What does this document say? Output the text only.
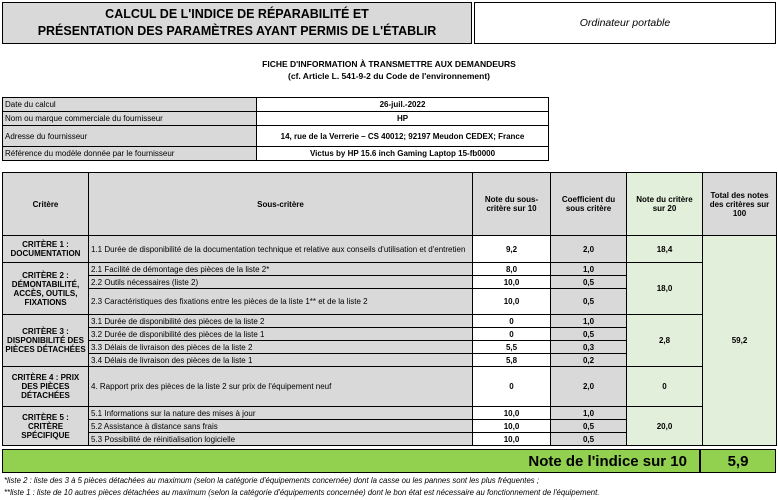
CALCUL DE L'INDICE DE RÉPARABILITÉ ET
PRÉSENTATION DES PARAMÈTRES AYANT PERMIS DE L'ÉTABLIR
Ordinateur portable
FICHE D'INFORMATION À TRANSMETTRE AUX DEMANDEURS
(cf. Article L. 541-9-2 du Code de l'environnement)
Date du calcul	26-juil.-2022
Nom ou marque commerciale du fournisseur	HP
Adresse du fournisseur	14, rue de la Verrerie – CS 40012; 92197 Meudon CEDEX; France
Référence du modèle donnée par le fournisseur	Victus by HP 15.6 inch Gaming Laptop 15-fb0000
Critère	Sous-critère	Note du sous-critère sur 10	Coefficient du sous critère	Note du critère sur 20	Total des notes des critères sur 100
CRITÈRE 1 : DOCUMENTATION	1.1 Durée de disponibilité de la documentation technique et relative aux conseils d'utilisation et d'entretien	9,2	2,0	18,4	59,2
CRITÈRE 2 : DÉMONTABILITÉ, ACCÈS, OUTILS, FIXATIONS	2.1 Facilité de démontage des pièces de la liste 2*	8,0	1,0	18,0	
	2.2 Outils nécessaires (liste 2)	10,0	0,5		
	2.3 Caractéristiques des fixations entre les pièces de la liste 1** et de la liste 2	10,0	0,5		
CRITÈRE 3 : DISPONIBILITÉ DES PIÈCES DÉTACHÉES	3.1 Durée de disponibilité des pièces de la liste 2	0	1,0	2,8	
	3.2 Durée de disponibilité des pièces de la liste 1	0	0,5		
	3.3 Délais de livraison des pièces de la liste 2	5,5	0,3		
	3.4 Délais de livraison des pièces de la liste 1	5,8	0,2		
CRITÈRE 4 : PRIX DES PIÈCES DÉTACHÉES	4. Rapport prix des pièces de la liste 2 sur prix de l'équipement neuf	0	2,0	0	
CRITÈRE 5 : CRITÈRE SPÉCIFIQUE	5.1 Informations sur la nature des mises à jour	10,0	1,0	20,0	
	5.2 Assistance à distance sans frais	10,0	0,5		
	5.3 Possibilité de réinitialisation logicielle	10,0	0,5		
Note de l'indice sur 10	5,9
*liste 2 : liste des 3 à 5 pièces détachées au maximum (selon la catégorie d'équipements concernée) dont la casse ou les pannes sont les plus fréquentes ;
**liste 1 : liste de 10 autres pièces détachées au maximum (selon la catégorie d'équipements concernée) dont le bon état est nécessaire au fonctionnement de l'équipement.
